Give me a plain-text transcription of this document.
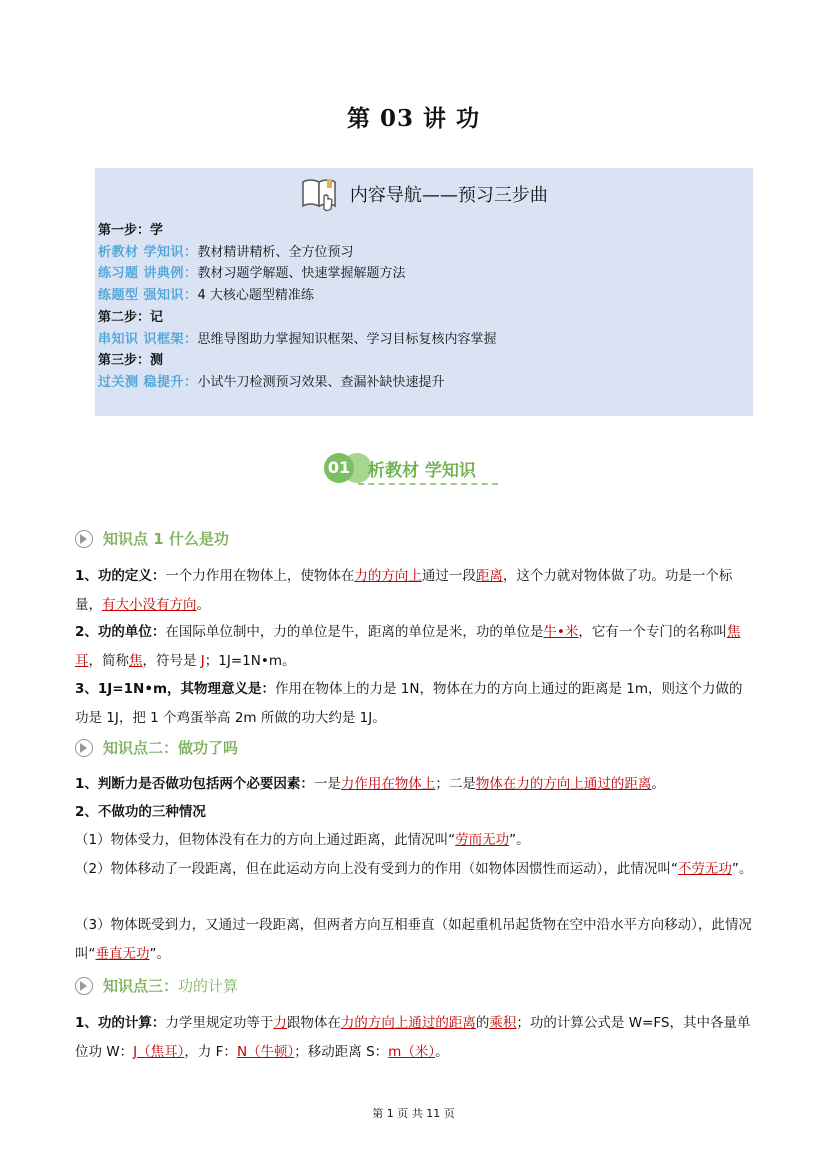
第 03 讲 功
内容导航——预习三步曲
第一步：学
析教材 学知识：教材精讲精析、全方位预习
练习题 讲典例：教材习题学解题、快速掌握解题方法
练题型 强知识：4 大核心题型精准练
第二步：记
串知识 识框架：思维导图助力掌握知识框架、学习目标复核内容掌握
第三步：测
过关测 稳提升：小试牛刀检测预习效果、查漏补缺快速提升
01 析教材 学知识
知识点 1 什么是功
1、功的定义：一个力作用在物体上，使物体在力的方向上通过一段距离，这个力就对物体做了功。功是一个标量，有大小没有方向。
2、功的单位：在国际单位制中，力的单位是牛，距离的单位是米，功的单位是牛•米，它有一个专门的名称叫焦耳，简称焦，符号是 J；1J=1N•m。
3、1J=1N•m，其物理意义是：作用在物体上的力是 1N，物体在力的方向上通过的距离是 1m，则这个力做的功是 1J，把 1 个鸡蛋举高 2m 所做的功大约是 1J。
知识点二：做功了吗
1、判断力是否做功包括两个必要因素：一是力作用在物体上；二是物体在力的方向上通过的距离。
2、不做功的三种情况
（1）物体受力，但物体没有在力的方向上通过距离，此情况叫“劳而无功”。
（2）物体移动了一段距离，但在此运动方向上没有受到力的作用（如物体因惯性而运动），此情况叫“不劳无功”。
（3）物体既受到力，又通过一段距离，但两者方向互相垂直（如起重机吊起货物在空中沿水平方向移动），此情况叫“垂直无功”。
知识点三：功的计算
1、功的计算：力学里规定功等于力跟物体在力的方向上通过的距离的乘积；功的计算公式是 W=FS，其中各量单位功 W：J（焦耳），力 F：N（牛顿）；移动距离 S：m（米）。
第 1 页 共 11 页
